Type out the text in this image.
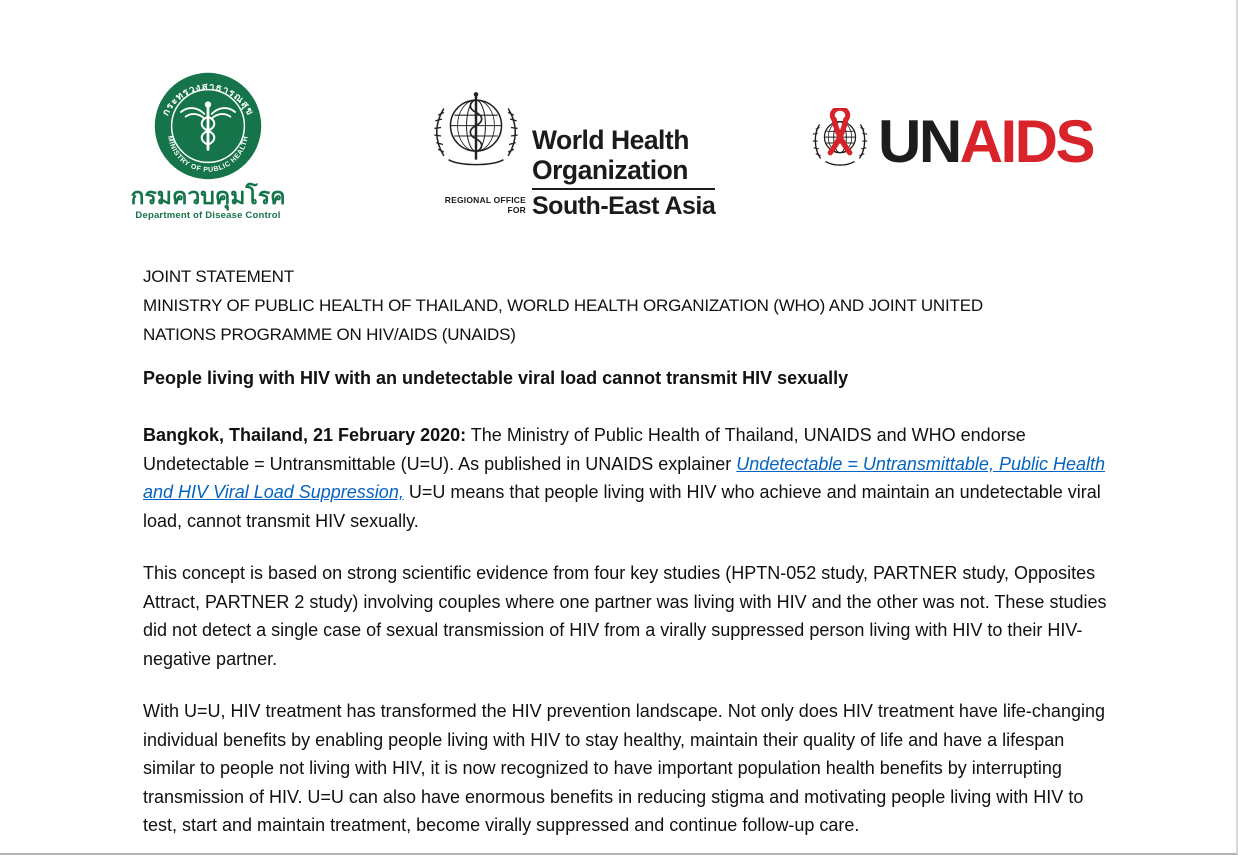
กระทรวงสาธารณสุข
MINISTRY OF PUBLIC HEALTH
กรมควบคุมโรค
Department of Disease Control
World Health
Organization
REGIONAL OFFICE FOR South-East Asia
UNAIDS
JOINT STATEMENT
MINISTRY OF PUBLIC HEALTH OF THAILAND, WORLD HEALTH ORGANIZATION (WHO) AND JOINT UNITED
NATIONS PROGRAMME ON HIV/AIDS (UNAIDS)
People living with HIV with an undetectable viral load cannot transmit HIV sexually

Bangkok, Thailand, 21 February 2020: The Ministry of Public Health of Thailand, UNAIDS and WHO endorse Undetectable = Untransmittable (U=U). As published in UNAIDS explainer Undetectable = Untransmittable, Public Health and HIV Viral Load Suppression, U=U means that people living with HIV who achieve and maintain an undetectable viral load, cannot transmit HIV sexually.

This concept is based on strong scientific evidence from four key studies (HPTN-052 study, PARTNER study, Opposites Attract, PARTNER 2 study) involving couples where one partner was living with HIV and the other was not. These studies did not detect a single case of sexual transmission of HIV from a virally suppressed person living with HIV to their HIV-negative partner.

With U=U, HIV treatment has transformed the HIV prevention landscape. Not only does HIV treatment have life-changing individual benefits by enabling people living with HIV to stay healthy, maintain their quality of life and have a lifespan similar to people not living with HIV, it is now recognized to have important population health benefits by interrupting transmission of HIV. U=U can also have enormous benefits in reducing stigma and motivating people living with HIV to test, start and maintain treatment, become virally suppressed and continue follow-up care.
